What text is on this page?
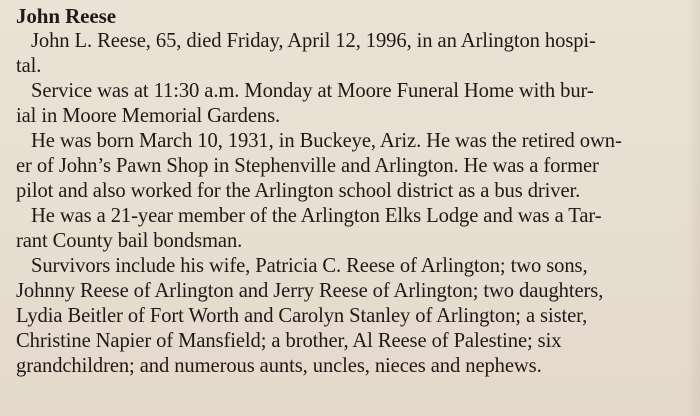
John Reese

John L. Reese, 65, died Friday, April 12, 1996, in an Arlington hospi-
tal.

Service was at 11:30 a.m. Monday at Moore Funeral Home with bur-
ial in Moore Memorial Gardens.

He was born March 10, 1931, in Buckeye, Ariz. He was the retired own-
er of John’s Pawn Shop in Stephenville and Arlington. He was a former
pilot and also worked for the Arlington school district as a bus driver.

He was a 21-year member of the Arlington Elks Lodge and was a Tar-
rant County bail bondsman.

Survivors include his wife, Patricia C. Reese of Arlington; two sons,
Johnny Reese of Arlington and Jerry Reese of Arlington; two daughters,
Lydia Beitler of Fort Worth and Carolyn Stanley of Arlington; a sister,
Christine Napier of Mansfield; a brother, Al Reese of Palestine; six
grandchildren; and numerous aunts, uncles, nieces and nephews.
